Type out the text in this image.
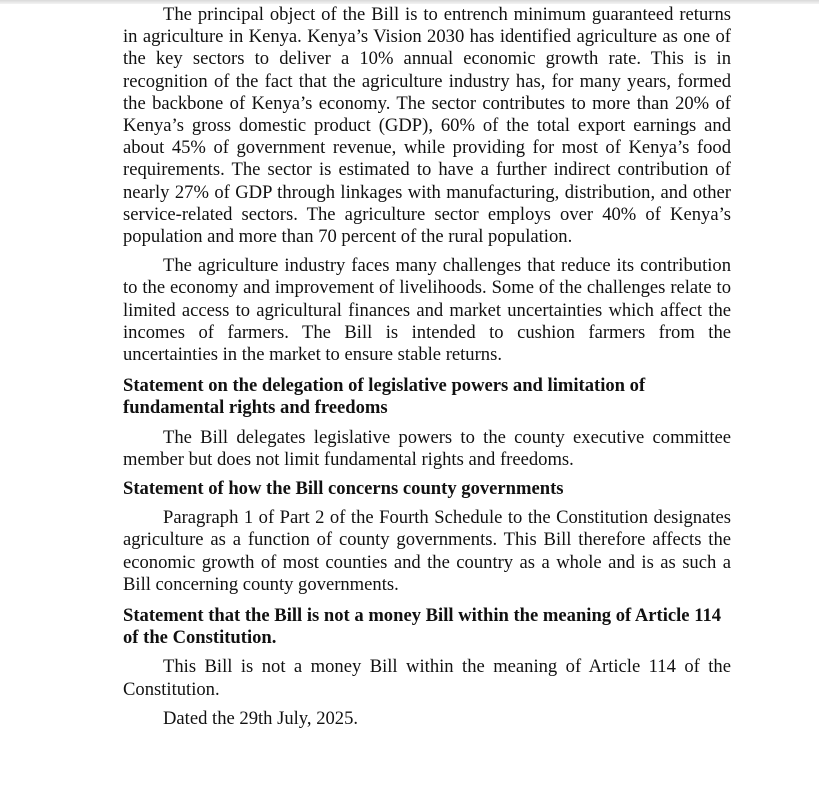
The principal object of the Bill is to entrench minimum guaranteed returns in agriculture in Kenya. Kenya’s Vision 2030 has identified agriculture as one of the key sectors to deliver a 10% annual economic growth rate. This is in recognition of the fact that the agriculture industry has, for many years, formed the backbone of Kenya’s economy. The sector contributes to more than 20% of Kenya’s gross domestic product (GDP), 60% of the total export earnings and about 45% of government revenue, while providing for most of Kenya’s food requirements. The sector is estimated to have a further indirect contribution of nearly 27% of GDP through linkages with manufacturing, distribution, and other service-related sectors. The agriculture sector employs over 40% of Kenya’s population and more than 70 percent of the rural population.

The agriculture industry faces many challenges that reduce its contribution to the economy and improvement of livelihoods. Some of the challenges relate to limited access to agricultural finances and market uncertainties which affect the incomes of farmers. The Bill is intended to cushion farmers from the uncertainties in the market to ensure stable returns.

Statement on the delegation of legislative powers and limitation of fundamental rights and freedoms

The Bill delegates legislative powers to the county executive committee member but does not limit fundamental rights and freedoms.

Statement of how the Bill concerns county governments

Paragraph 1 of Part 2 of the Fourth Schedule to the Constitution designates agriculture as a function of county governments. This Bill therefore affects the economic growth of most counties and the country as a whole and is as such a Bill concerning county governments.

Statement that the Bill is not a money Bill within the meaning of Article 114 of the Constitution.

This Bill is not a money Bill within the meaning of Article 114 of the Constitution.

Dated the 29th July, 2025.
